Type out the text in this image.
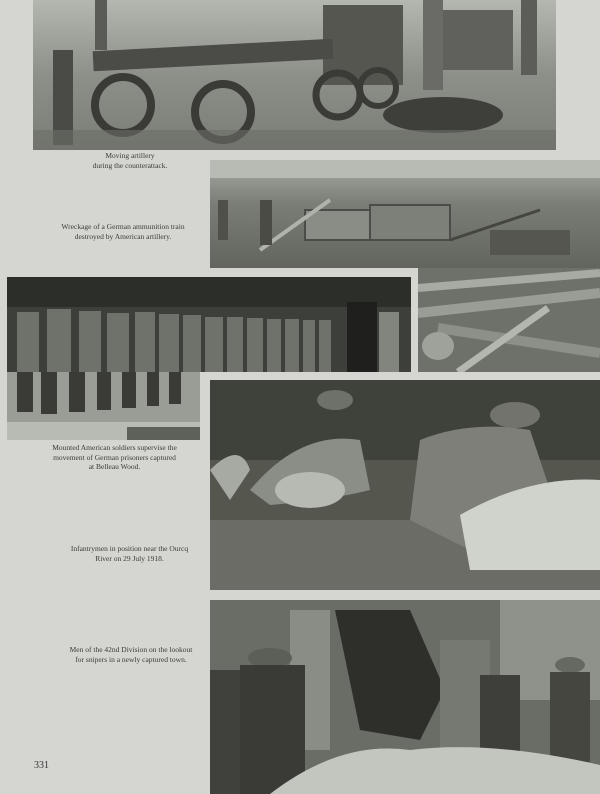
Moving artillery
during the counterattack.
Wreckage of a German ammunition train
destroyed by American artillery.
Mounted American soldiers supervise the
movement of German prisoners captured
at Belleau Wood.
Infantrymen in position near the Ourcq
River on 29 July 1918.
Men of the 42nd Division on the lookout
for snipers in a newly captured town.
331
